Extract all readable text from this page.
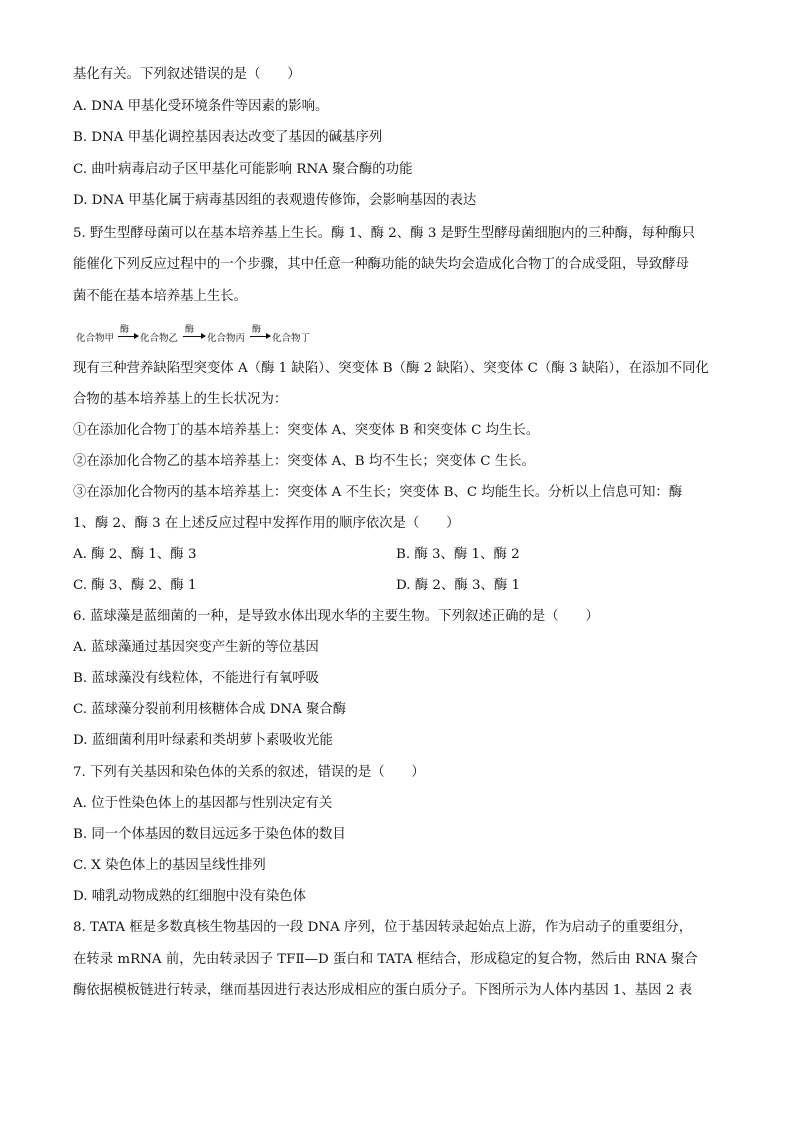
基化有关。下列叙述错误的是（　　）
A. DNA 甲基化受环境条件等因素的影响。
B. DNA 甲基化调控基因表达改变了基因的碱基序列
C. 曲叶病毒启动子区甲基化可能影响 RNA 聚合酶的功能
D. DNA 甲基化属于病毒基因组的表观遗传修饰，会影响基因的表达
5. 野生型酵母菌可以在基本培养基上生长。酶 1、酶 2、酶 3 是野生型酵母菌细胞内的三种酶，每种酶只
能催化下列反应过程中的一个步骤，其中任意一种酶功能的缺失均会造成化合物丁的合成受阻，导致酵母
菌不能在基本培养基上生长。
化合物甲
酶
化合物乙
酶
化合物丙
酶
化合物丁
现有三种营养缺陷型突变体 A（酶 1 缺陷）、突变体 B（酶 2 缺陷）、突变体 C（酶 3 缺陷），在添加不同化
合物的基本培养基上的生长状况为：
①在添加化合物丁的基本培养基上：突变体 A、突变体 B 和突变体 C 均生长。
②在添加化合物乙的基本培养基上：突变体 A、B 均不生长；突变体 C 生长。
③在添加化合物丙的基本培养基上：突变体 A 不生长；突变体 B、C 均能生长。分析以上信息可知：酶
1、酶 2、酶 3 在上述反应过程中发挥作用的顺序依次是（　　）
A. 酶 2、酶 1、酶 3	B. 酶 3、酶 1、酶 2
C. 酶 3、酶 2、酶 1	D. 酶 2、酶 3、酶 1
6. 蓝球藻是蓝细菌的一种，是导致水体出现水华的主要生物。下列叙述正确的是（　　）
A. 蓝球藻通过基因突变产生新的等位基因
B. 蓝球藻没有线粒体，不能进行有氧呼吸
C. 蓝球藻分裂前利用核糖体合成 DNA 聚合酶
D. 蓝细菌利用叶绿素和类胡萝卜素吸收光能
7. 下列有关基因和染色体的关系的叙述，错误的是（　　）
A. 位于性染色体上的基因都与性别决定有关
B. 同一个体基因的数目远远多于染色体的数目
C. X 染色体上的基因呈线性排列
D. 哺乳动物成熟的红细胞中没有染色体
8. TATA 框是多数真核生物基因的一段 DNA 序列，位于基因转录起始点上游，作为启动子的重要组分，
在转录 mRNA 前，先由转录因子 TFⅡ—D 蛋白和 TATA 框结合，形成稳定的复合物，然后由 RNA 聚合
酶依据模板链进行转录，继而基因进行表达形成相应的蛋白质分子。下图所示为人体内基因 1、基因 2 表
